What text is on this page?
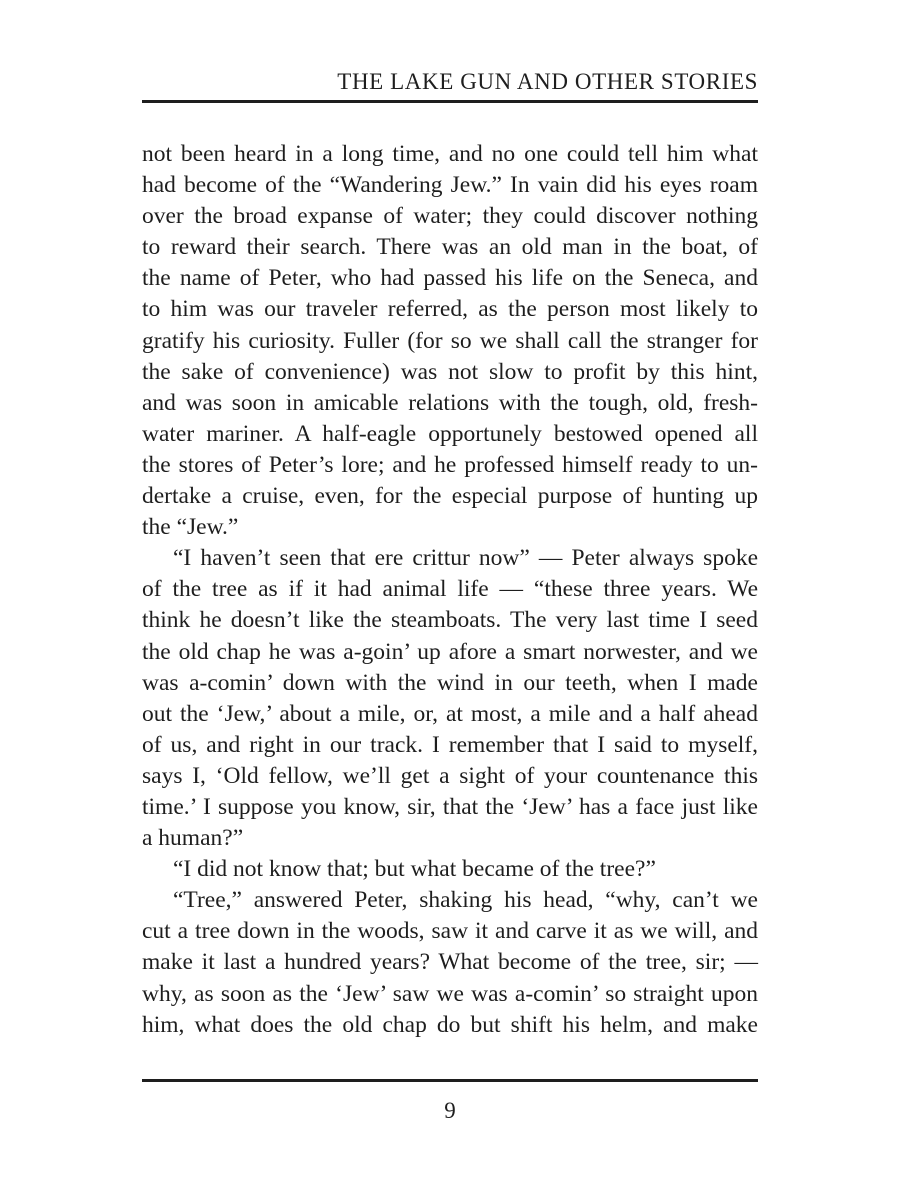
THE LAKE GUN AND OTHER STORIES
not been heard in a long time, and no one could tell him what
had become of the “Wandering Jew.” In vain did his eyes roam
over the broad expanse of water; they could discover nothing
to reward their search. There was an old man in the boat, of
the name of Peter, who had passed his life on the Seneca, and
to him was our traveler referred, as the person most likely to
gratify his curiosity. Fuller (for so we shall call the stranger for
the sake of convenience) was not slow to profit by this hint,
and was soon in amicable relations with the tough, old, fresh-
water mariner. A half-eagle opportunely bestowed opened all
the stores of Peter’s lore; and he professed himself ready to un-
dertake a cruise, even, for the especial purpose of hunting up
the “Jew.”
“I haven’t seen that ere crittur now” — Peter always spoke
of the tree as if it had animal life — “these three years. We
think he doesn’t like the steamboats. The very last time I seed
the old chap he was a-goin’ up afore a smart norwester, and we
was a-comin’ down with the wind in our teeth, when I made
out the ‘Jew,’ about a mile, or, at most, a mile and a half ahead
of us, and right in our track. I remember that I said to myself,
says I, ‘Old fellow, we’ll get a sight of your countenance this
time.’ I suppose you know, sir, that the ‘Jew’ has a face just like
a human?”
“I did not know that; but what became of the tree?”
“Tree,” answered Peter, shaking his head, “why, can’t we
cut a tree down in the woods, saw it and carve it as we will, and
make it last a hundred years? What become of the tree, sir; —
why, as soon as the ‘Jew’ saw we was a-comin’ so straight upon
him, what does the old chap do but shift his helm, and make
9
